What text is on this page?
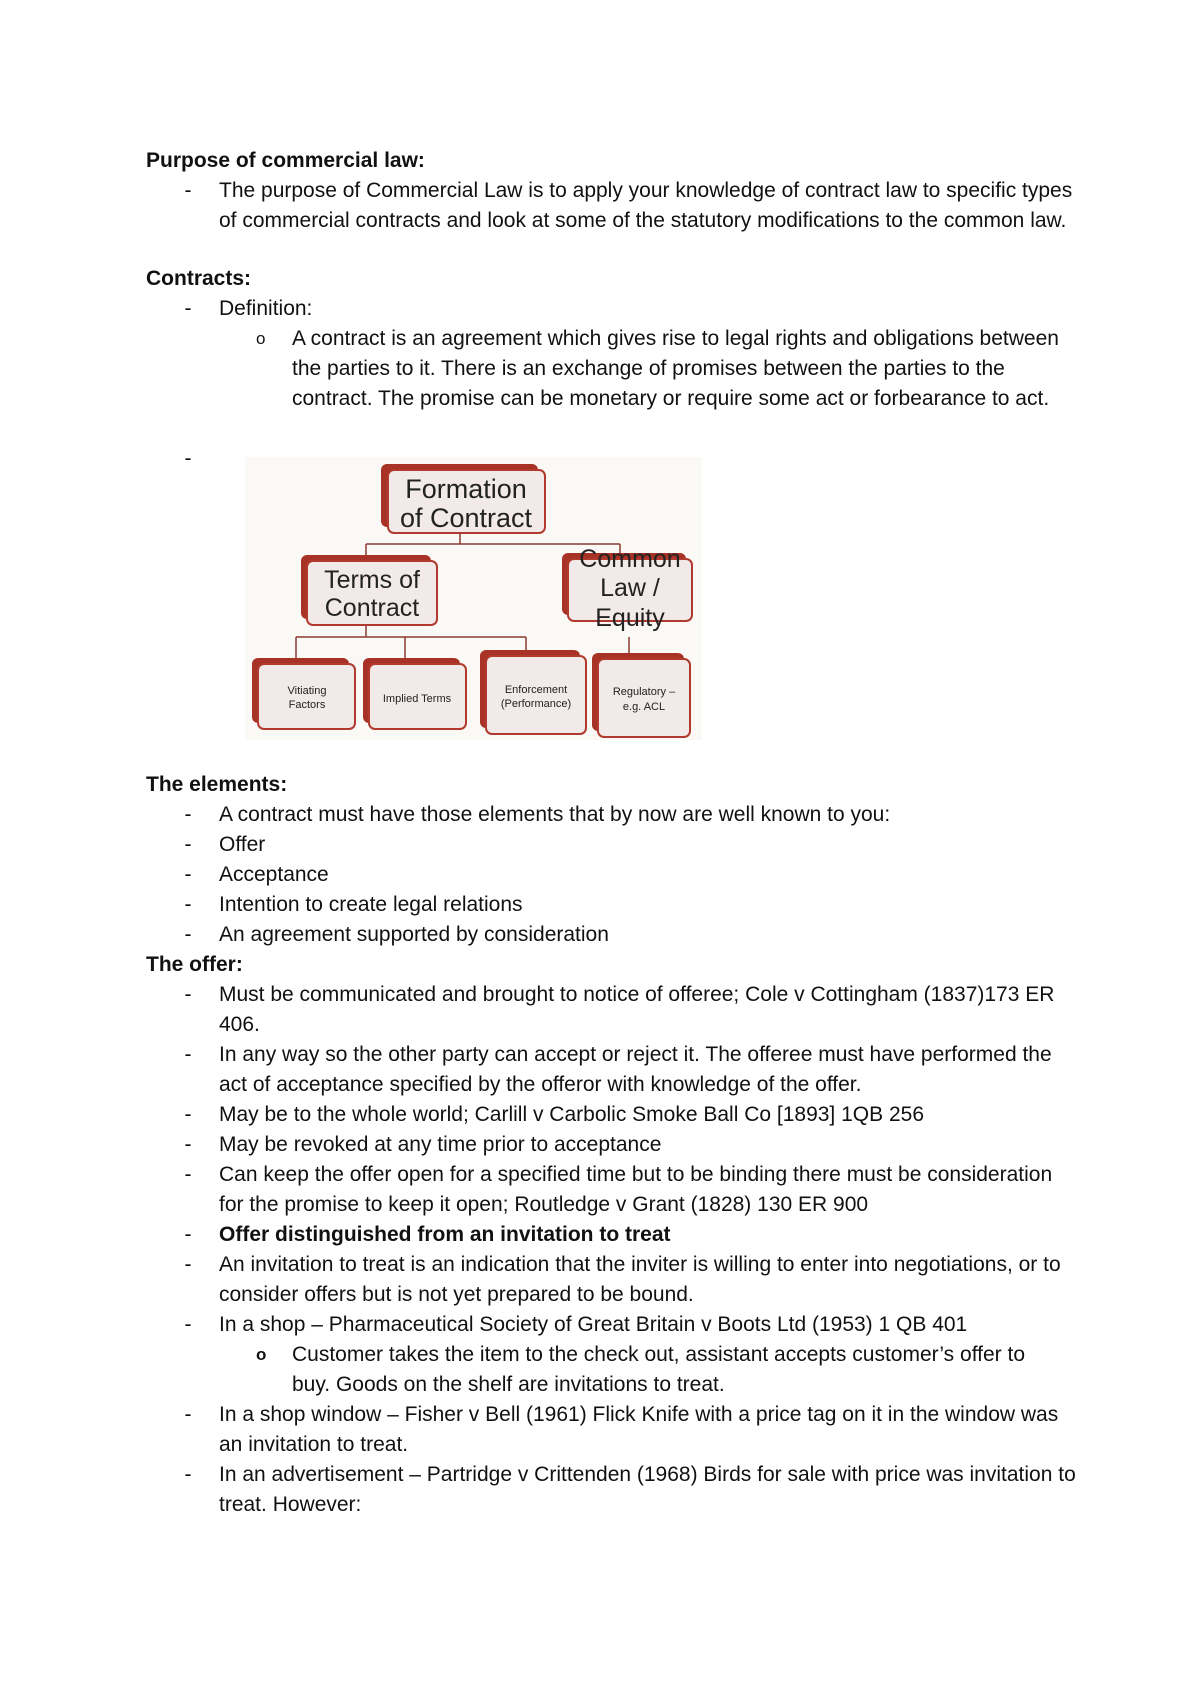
Purpose of commercial law:
- The purpose of Commercial Law is to apply your knowledge of contract law to specific types of commercial contracts and look at some of the statutory modifications to the common law.
Contracts:
- Definition:
o A contract is an agreement which gives rise to legal rights and obligations between the parties to it. There is an exchange of promises between the parties to the contract. The promise can be monetary or require some act or forbearance to act.
-
Formation
of Contract
Terms of
Contract
Common
Law /
Equity
Vitiating
Factors	Implied Terms
Enforcement
(Performance)
Regulatory –
e.g. ACL
The elements:
- A contract must have those elements that by now are well known to you:
- Offer
- Acceptance
- Intention to create legal relations
- An agreement supported by consideration
The offer:
- Must be communicated and brought to notice of offeree; Cole v Cottingham (1837)173 ER 406.
- In any way so the other party can accept or reject it. The offeree must have performed the act of acceptance specified by the offeror with knowledge of the offer.
- May be to the whole world; Carlill v Carbolic Smoke Ball Co [1893] 1QB 256
- May be revoked at any time prior to acceptance
- Can keep the offer open for a specified time but to be binding there must be consideration for the promise to keep it open; Routledge v Grant (1828) 130 ER 900
- Offer distinguished from an invitation to treat
- An invitation to treat is an indication that the inviter is willing to enter into negotiations, or to consider offers but is not yet prepared to be bound.
- In a shop – Pharmaceutical Society of Great Britain v Boots Ltd (1953) 1 QB 401
o Customer takes the item to the check out, assistant accepts customer’s offer to buy. Goods on the shelf are invitations to treat.
- In a shop window – Fisher v Bell (1961) Flick Knife with a price tag on it in the window was an invitation to treat.
- In an advertisement – Partridge v Crittenden (1968) Birds for sale with price was invitation to treat. However:
